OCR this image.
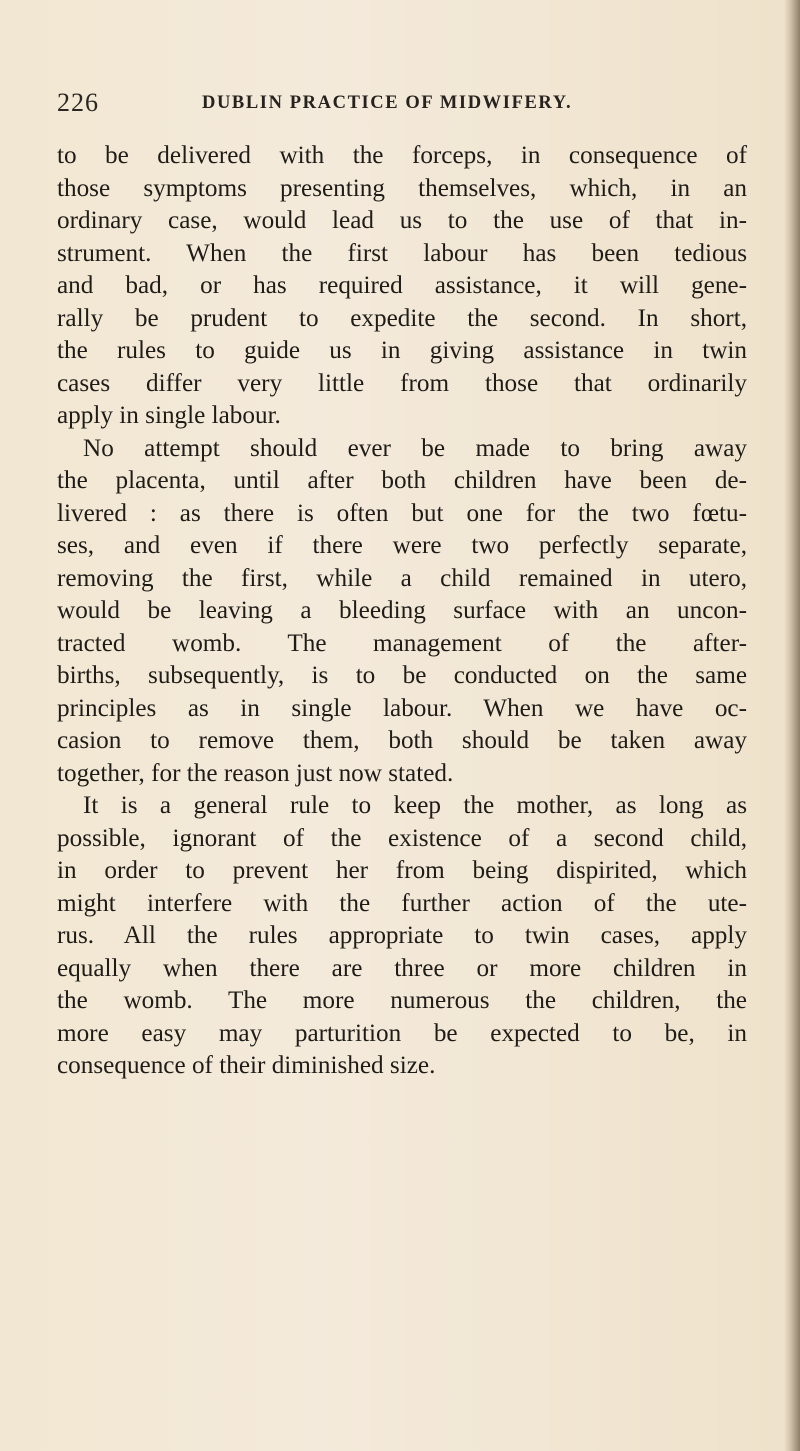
226	DUBLIN PRACTICE OF MIDWIFERY.
to be delivered with the forceps, in consequence of
those symptoms presenting themselves, which, in an
ordinary case, would lead us to the use of that in-
strument. When the first labour has been tedious
and bad, or has required assistance, it will gene-
rally be prudent to expedite the second. In short,
the rules to guide us in giving assistance in twin
cases differ very little from those that ordinarily
apply in single labour.
No attempt should ever be made to bring away
the placenta, until after both children have been de-
livered : as there is often but one for the two fœtu-
ses, and even if there were two perfectly separate,
removing the first, while a child remained in utero,
would be leaving a bleeding surface with an uncon-
tracted womb. The management of the after-
births, subsequently, is to be conducted on the same
principles as in single labour. When we have oc-
casion to remove them, both should be taken away
together, for the reason just now stated.
It is a general rule to keep the mother, as long as
possible, ignorant of the existence of a second child,
in order to prevent her from being dispirited, which
might interfere with the further action of the ute-
rus. All the rules appropriate to twin cases, apply
equally when there are three or more children in
the womb. The more numerous the children, the
more easy may parturition be expected to be, in
consequence of their diminished size.
